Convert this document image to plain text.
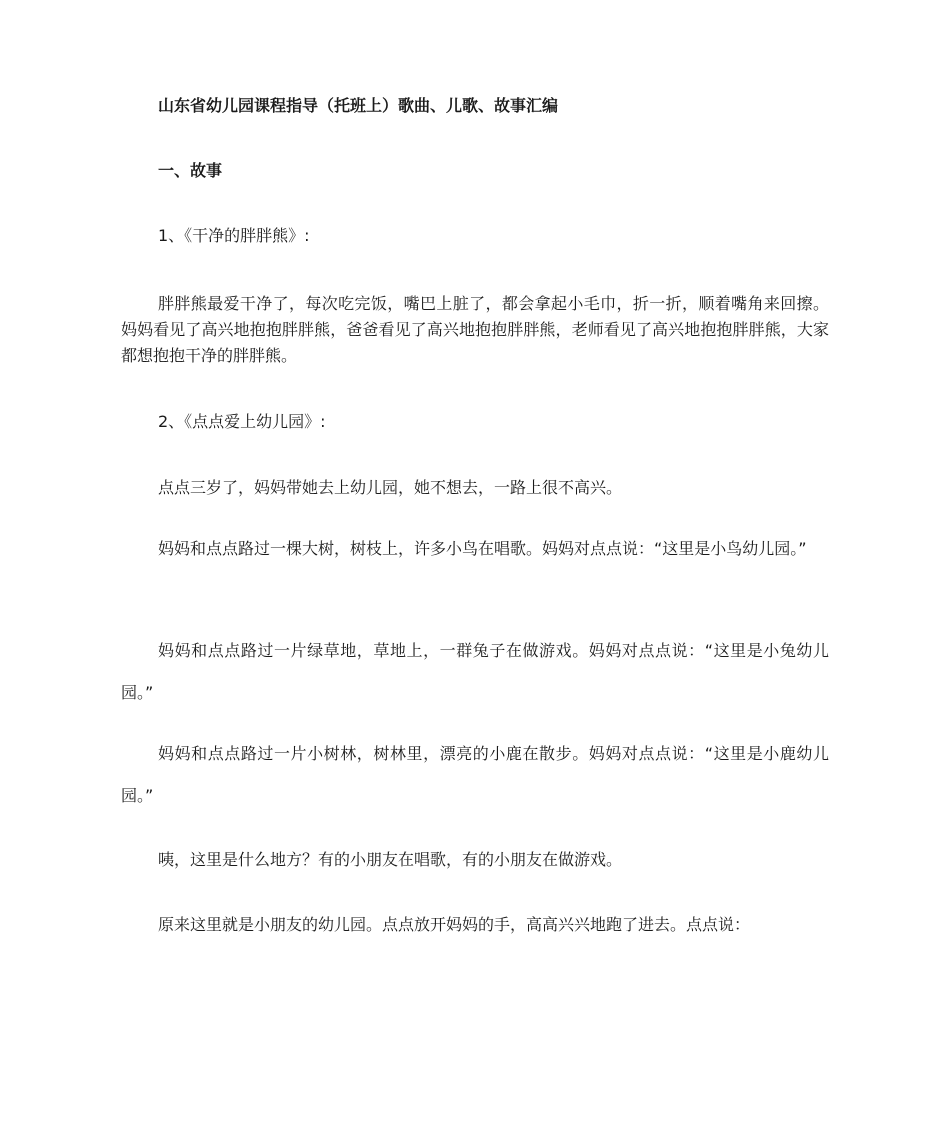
山东省幼儿园课程指导（托班上）歌曲、儿歌、故事汇编
一、故事
1、《干净的胖胖熊》:
胖胖熊最爱干净了，每次吃完饭，嘴巴上脏了，都会拿起小毛巾，折一折，顺着嘴角来回擦。妈妈看见了高兴地抱抱胖胖熊，爸爸看见了高兴地抱抱胖胖熊，老师看见了高兴地抱抱胖胖熊，大家都想抱抱干净的胖胖熊。
2、《点点爱上幼儿园》:
点点三岁了，妈妈带她去上幼儿园，她不想去，一路上很不高兴。
妈妈和点点路过一棵大树，树枝上，许多小鸟在唱歌。妈妈对点点说：“这里是小鸟幼儿园。”
妈妈和点点路过一片绿草地，草地上，一群兔子在做游戏。妈妈对点点说：“这里是小兔幼儿园。”
妈妈和点点路过一片小树林，树林里，漂亮的小鹿在散步。妈妈对点点说：“这里是小鹿幼儿园。”
咦，这里是什么地方？有的小朋友在唱歌，有的小朋友在做游戏。
原来这里就是小朋友的幼儿园。点点放开妈妈的手，高高兴兴地跑了进去。点点说：
